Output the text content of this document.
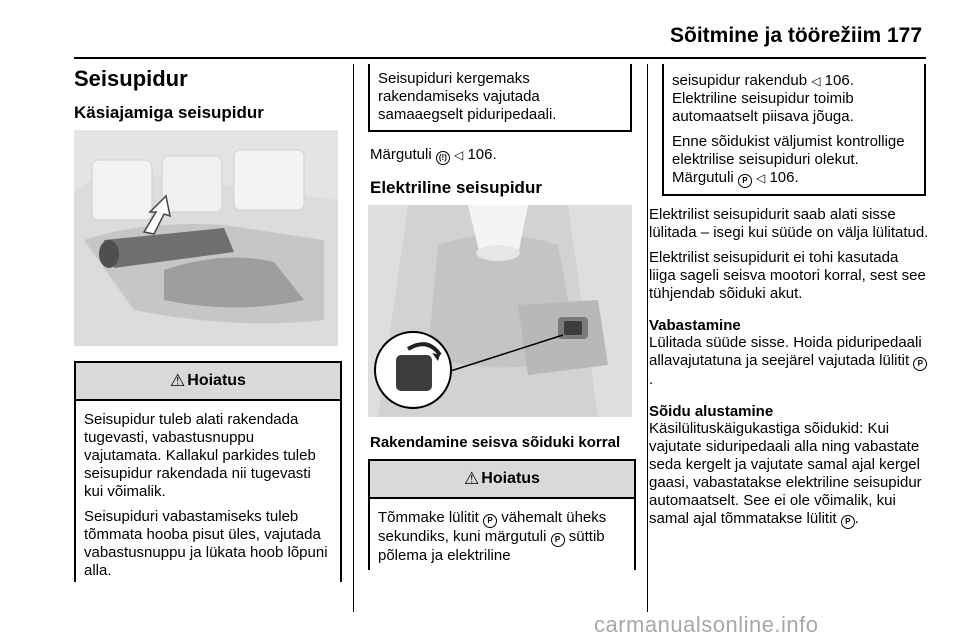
Sõitmine ja töörežiim 177
Seisupidur
Käsiajamiga seisupidur
⚠ Hoiatus

Seisupidur tuleb alati rakendada tugevasti, vabastusnuppu vajutamata. Kallakul parkides tuleb seisupidur rakendada nii tugevasti kui võimalik.

Seisupiduri vabastamiseks tuleb tõmmata hooba pisut üles, vajutada vabastusnuppu ja lükata hoob lõpuni alla.

Seisupiduri kergemaks rakendamiseks vajutada samaaegselt piduripedaali.

Märgutuli (!) ◁ 106.
Elektriline seisupidur
Rakendamine seisva sõiduki korral
⚠ Hoiatus

Tõmmake lülitit P vähemalt üheks sekundiks, kuni märgutuli P süttib põlema ja elektriline

seisupidur rakendub ◁ 106. Elektriline seisupidur toimib automaatselt piisava jõuga.

Enne sõidukist väljumist kontrollige elektrilise seisupiduri olekut. Märgutuli P ◁ 106.

Elektrilist seisupidurit saab alati sisse lülitada – isegi kui süüde on välja lülitatud.

Elektrilist seisupidurit ei tohi kasutada liiga sageli seisva mootori korral, sest see tühjendab sõiduki akut.

Vabastamine

Lülitada süüde sisse. Hoida piduripedaali allavajutatuna ja seejärel vajutada lülitit P.

Sõidu alustamine

Käsilülituskäigukastiga sõidukid: Kui vajutate siduripedaali alla ning vabastate seda kergelt ja vajutate samal ajal kergel gaasi, vabastatakse elektriline seisupidur automaatselt. See ei ole võimalik, kui samal ajal tõmmatakse lülitit P .

carmanualsonline.info
